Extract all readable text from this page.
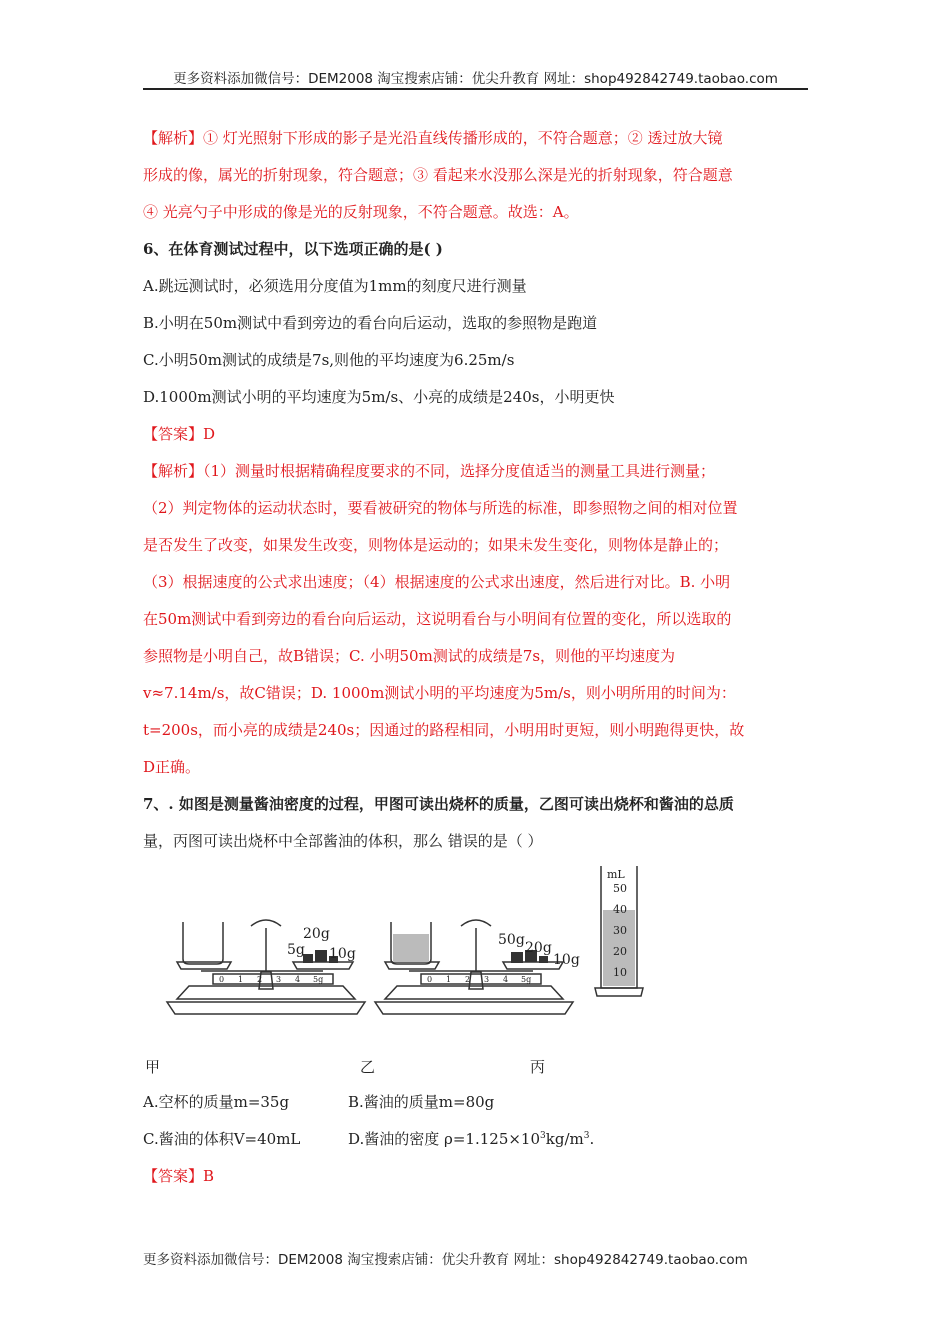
更多资料添加微信号：DEM2008 淘宝搜索店铺：优尖升教育 网址：shop492842749.taobao.com

【解析】① 灯光照射下形成的影子是光沿直线传播形成的，不符合题意；② 透过放大镜

形成的像，属光的折射现象，符合题意；③ 看起来水没那么深是光的折射现象，符合题意

④ 光亮勺子中形成的像是光的反射现象，不符合题意。故选：A。

6、在体育测试过程中，以下选项正确的是( )

A.跳远测试时，必须选用分度值为1mm的刻度尺进行测量

B.小明在50m测试中看到旁边的看台向后运动，选取的参照物是跑道

C.小明50m测试的成绩是7s,则他的平均速度为6.25m/s

D.1000m测试小明的平均速度为5m/s、小亮的成绩是240s，小明更快

【答案】D

【解析】（1）测量时根据精确程度要求的不同，选择分度值适当的测量工具进行测量；

（2）判定物体的运动状态时，要看被研究的物体与所选的标准，即参照物之间的相对位置

是否发生了改变，如果发生改变，则物体是运动的；如果未发生变化，则物体是静止的；

（3）根据速度的公式求出速度；（4）根据速度的公式求出速度，然后进行对比。B. 小明

在50m测试中看到旁边的看台向后运动，这说明看台与小明间有位置的变化，所以选取的

参照物是小明自己，故B错误；C. 小明50m测试的成绩是7s，则他的平均速度为

v≈7.14m/s，故C错误；D. 1000m测试小明的平均速度为5m/s，则小明所用的时间为：

t=200s，而小亮的成绩是240s；因通过的路程相同，小明用时更短，则小明跑得更快，故

D正确。

7、. 如图是测量酱油密度的过程，甲图可读出烧杯的质量，乙图可读出烧杯和酱油的总质

量，丙图可读出烧杯中全部酱油的体积，那么 错误的是（ ）

20g
5g 10g
0 1 2 3 4 5g
50g 20g
10g
0 1 2 3 4 5g
mL
50
40
30
20
10
甲	乙	丙
A.空杯的质量m=35g	B.酱油的质量m=80g
C.酱油的体积V=40mL	D.酱油的密度 $\rho=1.125\times 10^3kg/m^3$.

【答案】B

更多资料添加微信号：DEM2008 淘宝搜索店铺：优尖升教育 网址：shop492842749.taobao.com
